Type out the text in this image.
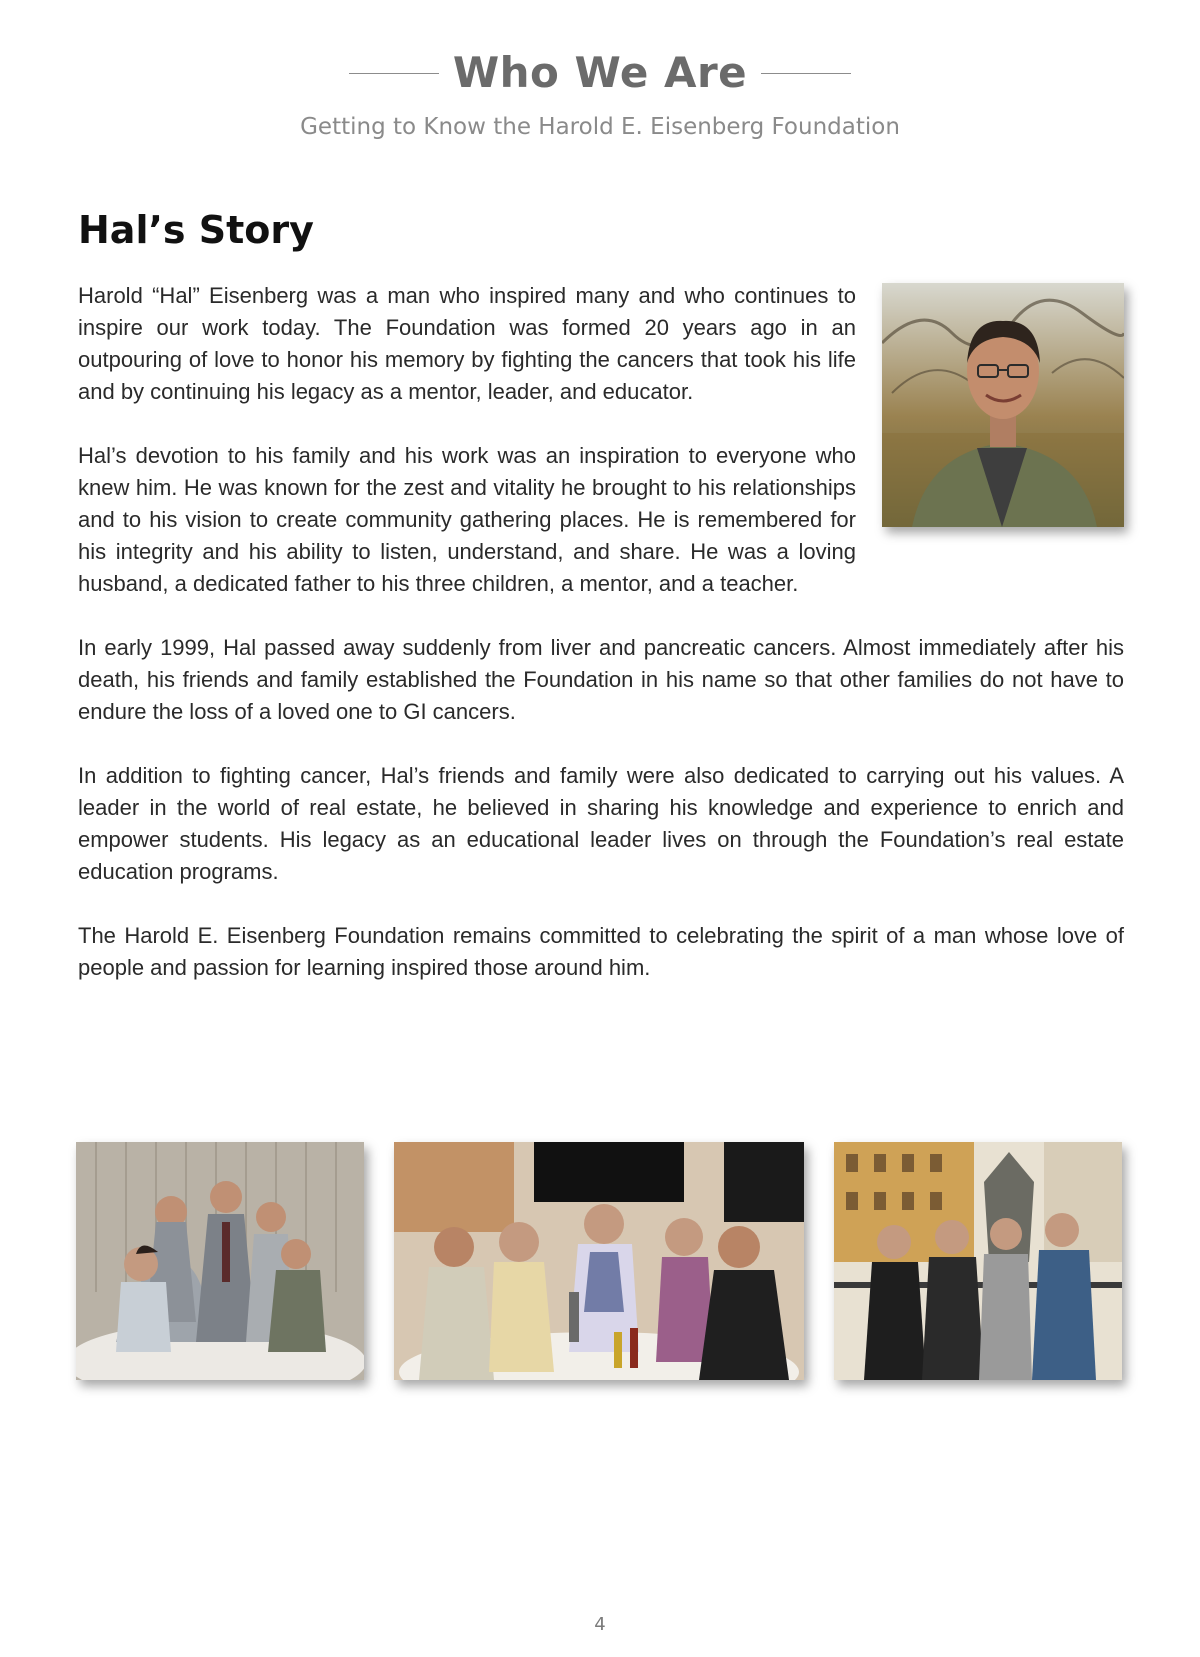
Who We Are
Getting to Know the Harold E. Eisenberg Foundation
Hal’s Story

Harold “Hal” Eisenberg was a man who inspired many and who continues to inspire our work today. The Foundation was formed 20 years ago in an outpouring of love to honor his memory by fighting the cancers that took his life and by continuing his legacy as a mentor, leader, and educator.

Hal’s devotion to his family and his work was an inspiration to everyone who knew him. He was known for the zest and vitality he brought to his relationships and to his vision to create community gathering places. He is remembered for his integrity and his ability to listen, understand, and share. He was a loving husband, a dedicated father to his three children, a mentor, and a teacher.

In early 1999, Hal passed away suddenly from liver and pancreatic cancers. Almost immediately after his death, his friends and family established the Foundation in his name so that other families do not have to endure the loss of a loved one to GI cancers.

In addition to fighting cancer, Hal’s friends and family were also dedicated to carrying out his values. A leader in the world of real estate, he believed in sharing his knowledge and experience to enrich and empower students. His legacy as an educational leader lives on through the Foundation’s real estate education programs.

The Harold E. Eisenberg Foundation remains committed to celebrating the spirit of a man whose love of people and passion for learning inspired those around him.

4
